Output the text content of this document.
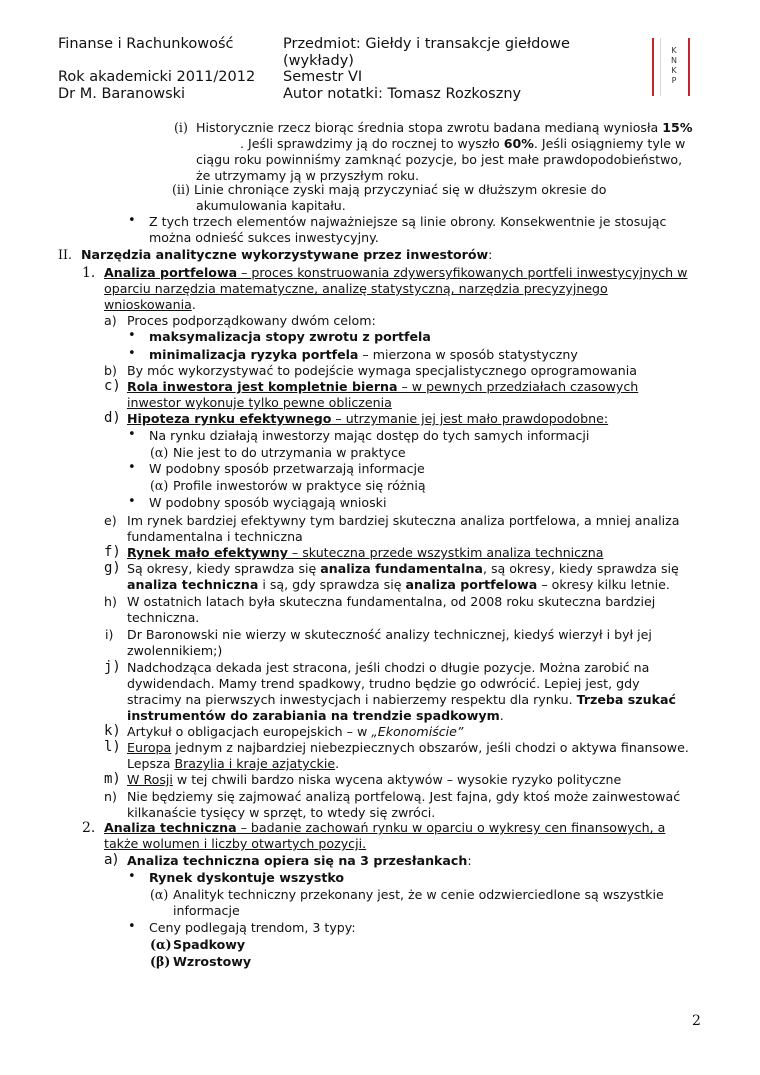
Finanse i Rachunkowość
Rok akademicki 2011/2012
Dr M. Baranowski
Przedmiot: Giełdy i transakcje giełdowe
(wykłady)
Semestr VI
Autor notatki: Tomasz Rozkoszny
K
N
K
P
(i) Historycznie rzecz biorąc średnia stopa zwrotu badana medianą wyniosła 15%
. Jeśli sprawdzimy ją do rocznej to wyszło 60%. Jeśli osiągniemy tyle w
ciągu roku powinniśmy zamknąć pozycje, bo jest małe prawdopodobieństwo,
że utrzymamy ją w przyszłym roku.
(ii) Linie chroniące zyski mają przyczyniać się w dłuższym okresie do
akumulowania kapitału.
• Z tych trzech elementów najważniejsze są linie obrony. Konsekwentnie je stosując
można odnieść sukces inwestycyjny.
II. Narzędzia analityczne wykorzystywane przez inwestorów:
1. Analiza portfelowa – proces konstruowania zdywersyfikowanych portfeli inwestycyjnych w
oparciu narzędzia matematyczne, analizę statystyczną, narzędzia precyzyjnego
wnioskowania.
a) Proces podporządkowany dwóm celom:
• maksymalizacja stopy zwrotu z portfela
• minimalizacja ryzyka portfela – mierzona w sposób statystyczny
b) By móc wykorzystywać to podejście wymaga specjalistycznego oprogramowania
c) Rola inwestora jest kompletnie bierna – w pewnych przedziałach czasowych
inwestor wykonuje tylko pewne obliczenia
d) Hipoteza rynku efektywnego – utrzymanie jej jest mało prawdopodobne:
• Na rynku działają inwestorzy mając dostęp do tych samych informacji
(α) Nie jest to do utrzymania w praktyce
• W podobny sposób przetwarzają informacje
(α) Profile inwestorów w praktyce się różnią
• W podobny sposób wyciągają wnioski
e) Im rynek bardziej efektywny tym bardziej skuteczna analiza portfelowa, a mniej analiza
fundamentalna i techniczna
f) Rynek mało efektywny – skuteczna przede wszystkim analiza techniczna
g) Są okresy, kiedy sprawdza się analiza fundamentalna, są okresy, kiedy sprawdza się
analiza techniczna i są, gdy sprawdza się analiza portfelowa – okresy kilku letnie.
h) W ostatnich latach była skuteczna fundamentalna, od 2008 roku skuteczna bardziej
techniczna.
i) Dr Baronowski nie wierzy w skuteczność analizy technicznej, kiedyś wierzył i był jej
zwolennikiem;)
j) Nadchodząca dekada jest stracona, jeśli chodzi o długie pozycje. Można zarobić na
dywidendach. Mamy trend spadkowy, trudno będzie go odwrócić. Lepiej jest, gdy
stracimy na pierwszych inwestycjach i nabierzemy respektu dla rynku. Trzeba szukać
instrumentów do zarabiania na trendzie spadkowym.
k) Artykuł o obligacjach europejskich – w „Ekonomiście”
l) Europa jednym z najbardziej niebezpiecznych obszarów, jeśli chodzi o aktywa finansowe.
Lepsza Brazylia i kraje azjatyckie.
m) W Rosji w tej chwili bardzo niska wycena aktywów – wysokie ryzyko polityczne
n) Nie będziemy się zajmować analizą portfelową. Jest fajna, gdy ktoś może zainwestować
kilkanaście tysięcy w sprzęt, to wtedy się zwróci.
2. Analiza techniczna – badanie zachowań rynku w oparciu o wykresy cen finansowych, a
także wolumen i liczby otwartych pozycji.
a) Analiza techniczna opiera się na 3 przesłankach:
• Rynek dyskontuje wszystko
(α) Analityk techniczny przekonany jest, że w cenie odzwierciedlone są wszystkie
informacje
• Ceny podlegają trendom, 3 typy:
(α) Spadkowy
(β) Wzrostowy
2
